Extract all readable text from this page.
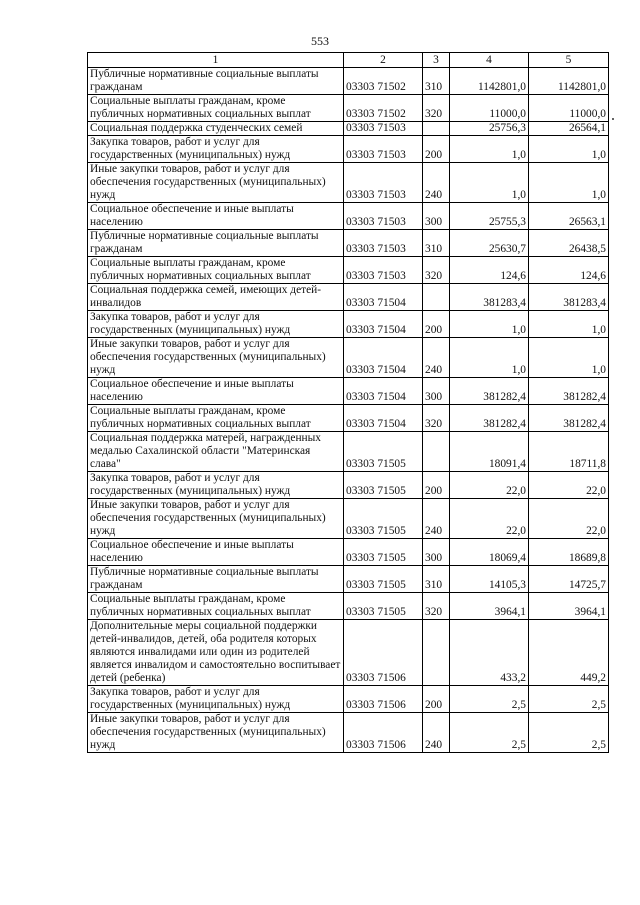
553
1	2	3	4	5
Публичные нормативные социальные выплаты гражданам	03303 71502	310	1142801,0	1142801,0
Социальные выплаты гражданам, кроме публичных нормативных социальных выплат	03303 71502	320	11000,0	11000,0
Социальная поддержка студенческих семей	03303 71503		25756,3	26564,1
Закупка товаров, работ и услуг для государственных (муниципальных) нужд	03303 71503	200	1,0	1,0
Иные закупки товаров, работ и услуг для обеспечения государственных (муниципальных) нужд	03303 71503	240	1,0	1,0
Социальное обеспечение и иные выплаты населению	03303 71503	300	25755,3	26563,1
Публичные нормативные социальные выплаты гражданам	03303 71503	310	25630,7	26438,5
Социальные выплаты гражданам, кроме публичных нормативных социальных выплат	03303 71503	320	124,6	124,6
Социальная поддержка семей, имеющих детей-инвалидов	03303 71504		381283,4	381283,4
Закупка товаров, работ и услуг для государственных (муниципальных) нужд	03303 71504	200	1,0	1,0
Иные закупки товаров, работ и услуг для обеспечения государственных (муниципальных) нужд	03303 71504	240	1,0	1,0
Социальное обеспечение и иные выплаты населению	03303 71504	300	381282,4	381282,4
Социальные выплаты гражданам, кроме публичных нормативных социальных выплат	03303 71504	320	381282,4	381282,4
Социальная поддержка матерей, награжденных медалью Сахалинской области "Материнская слава"	03303 71505		18091,4	18711,8
Закупка товаров, работ и услуг для государственных (муниципальных) нужд	03303 71505	200	22,0	22,0
Иные закупки товаров, работ и услуг для обеспечения государственных (муниципальных) нужд	03303 71505	240	22,0	22,0
Социальное обеспечение и иные выплаты населению	03303 71505	300	18069,4	18689,8
Публичные нормативные социальные выплаты гражданам	03303 71505	310	14105,3	14725,7
Социальные выплаты гражданам, кроме публичных нормативных социальных выплат	03303 71505	320	3964,1	3964,1
Дополнительные меры социальной поддержки детей-инвалидов, детей, оба родителя которых являются инвалидами или один из родителей является инвалидом и самостоятельно воспитывает детей (ребенка)	03303 71506		433,2	449,2
Закупка товаров, работ и услуг для государственных (муниципальных) нужд	03303 71506	200	2,5	2,5
Иные закупки товаров, работ и услуг для обеспечения государственных (муниципальных) нужд	03303 71506	240	2,5	2,5
